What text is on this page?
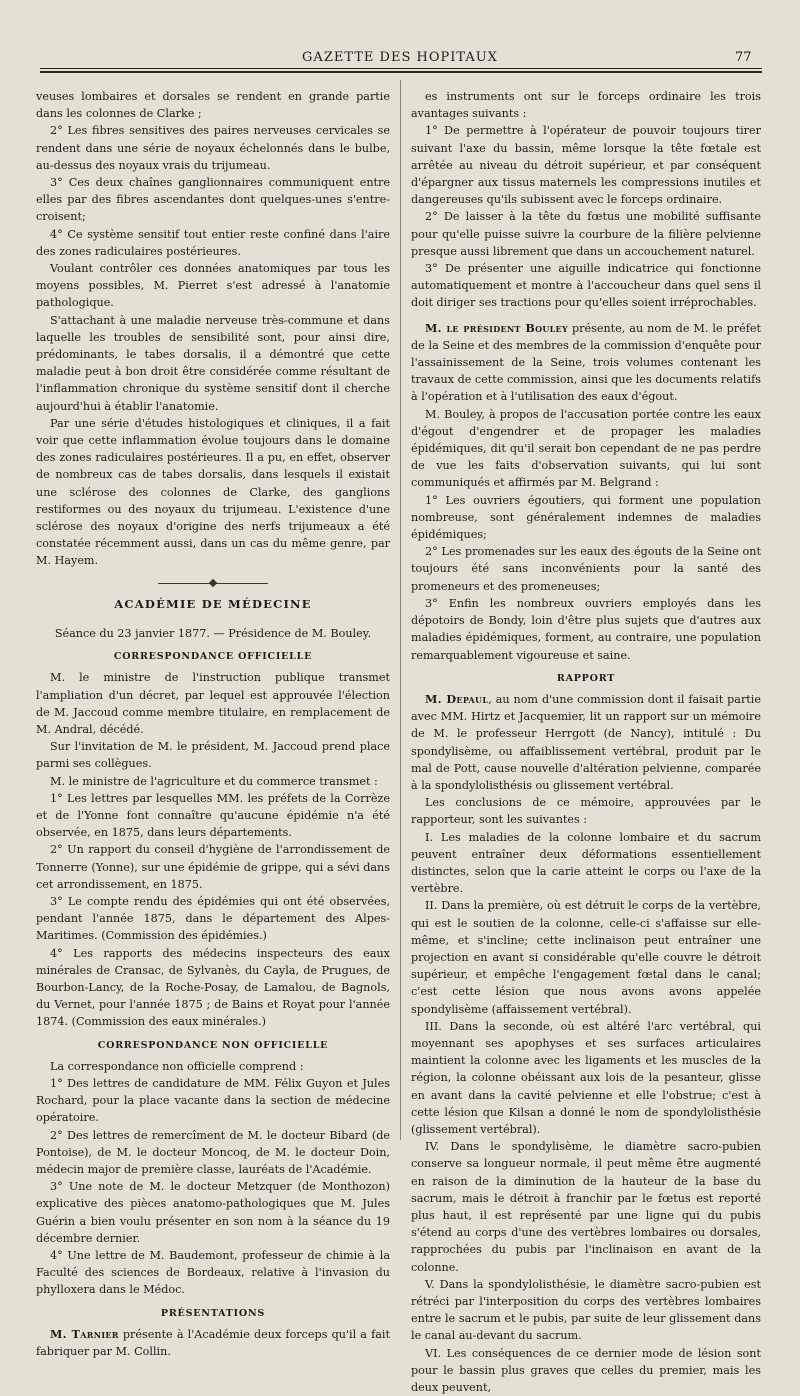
GAZETTE DES HOPITAUX	77

veuses lombaires et dorsales se rendent en grande partie dans les colonnes de Clarke ;

2° Les fibres sensitives des paires nerveuses cervicales se rendent dans une série de noyaux échelonnés dans le bulbe, au-dessus des noyaux vrais du trijumeau.

3° Ces deux chaînes ganglionnaires communiquent entre elles par des fibres ascendantes dont quelques-unes s'entre-croisent;

4° Ce système sensitif tout entier reste confiné dans l'aire des zones radiculaires postérieures.

Voulant contrôler ces données anatomiques par tous les moyens possibles, M. Pierret s'est adressé à l'anatomie pathologique.

S'attachant à une maladie nerveuse très-commune et dans laquelle les troubles de sensibilité sont, pour ainsi dire, prédominants, le tabes dorsalis, il a démontré que cette maladie peut à bon droit être considérée comme résultant de l'inflammation chronique du système sensitif dont il cherche aujourd'hui à établir l'anatomie.

Par une série d'études histologiques et cliniques, il a fait voir que cette inflammation évolue toujours dans le domaine des zones radiculaires postérieures. Il a pu, en effet, observer de nombreux cas de tabes dorsalis, dans lesquels il existait une sclérose des colonnes de Clarke, des ganglions restiformes ou des noyaux du trijumeau. L'existence d'une sclérose des noyaux d'origine des nerfs trijumeaux a été constatée récemment aussi, dans un cas du même genre, par M. Hayem.

ACADÉMIE DE MÉDECINE

Séance du 23 janvier 1877. — Présidence de M. Bouley.

CORRESPONDANCE OFFICIELLE

M. le ministre de l'instruction publique transmet l'ampliation d'un décret, par lequel est approuvée l'élection de M. Jaccoud comme membre titulaire, en remplacement de M. Andral, décédé.

Sur l'invitation de M. le président, M. Jaccoud prend place parmi ses collègues.

M. le ministre de l'agriculture et du commerce transmet :

1° Les lettres par lesquelles MM. les préfets de la Corrèze et de l'Yonne font connaître qu'aucune épidémie n'a été observée, en 1875, dans leurs départements.

2° Un rapport du conseil d'hygiène de l'arrondissement de Tonnerre (Yonne), sur une épidémie de grippe, qui a sévi dans cet arrondissement, en 1875.

3° Le compte rendu des épidémies qui ont été observées, pendant l'année 1875, dans le département des Alpes-Maritimes. (Commission des épidémies.)

4° Les rapports des médecins inspecteurs des eaux minérales de Cransac, de Sylvanès, du Cayla, de Prugues, de Bourbon-Lancy, de la Roche-Posay, de Lamalou, de Bagnols, du Vernet, pour l'année 1875 ; de Bains et Royat pour l'année 1874. (Commission des eaux minérales.)

CORRESPONDANCE NON OFFICIELLE

La correspondance non officielle comprend :

1° Des lettres de candidature de MM. Félix Guyon et Jules Rochard, pour la place vacante dans la section de médecine opératoire.

2° Des lettres de remercîment de M. le docteur Bibard (de Pontoise), de M. le docteur Moncoq, de M. le docteur Doin, médecin major de première classe, lauréats de l'Académie.

3° Une note de M. le docteur Metzquer (de Monthozon) explicative des pièces anatomo-pathologiques que M. Jules Guérin a bien voulu présenter en son nom à la séance du 19 décembre dernier.

4° Une lettre de M. Baudemont, professeur de chimie à la Faculté des sciences de Bordeaux, relative à l'invasion du phylloxera dans le Médoc.

PRÉSENTATIONS

M. Tarnier présente à l'Académie deux forceps qu'il a fait fabriquer par M. Collin.

es instruments ont sur le forceps ordinaire les trois avantages suivants :

1° De permettre à l'opérateur de pouvoir toujours tirer suivant l'axe du bassin, même lorsque la tête fœtale est arrêtée au niveau du détroit supérieur, et par conséquent d'épargner aux tissus maternels les compressions inutiles et dangereuses qu'ils subissent avec le forceps ordinaire.

2° De laisser à la tête du fœtus une mobilité suffisante pour qu'elle puisse suivre la courbure de la filière pelvienne presque aussi librement que dans un accouchement naturel.

3° De présenter une aiguille indicatrice qui fonctionne automatiquement et montre à l'accoucheur dans quel sens il doit diriger ses tractions pour qu'elles soient irréprochables.

M. le président Bouley présente, au nom de M. le préfet de la Seine et des membres de la commission d'enquête pour l'assainissement de la Seine, trois volumes contenant les travaux de cette commission, ainsi que les documents relatifs à l'opération et à l'utilisation des eaux d'égout.

M. Bouley, à propos de l'accusation portée contre les eaux d'égout d'engendrer et de propager les maladies épidémiques, dit qu'il serait bon cependant de ne pas perdre de vue les faits d'observation suivants, qui lui sont communiqués et affirmés par M. Belgrand :

1° Les ouvriers égoutiers, qui forment une population nombreuse, sont généralement indemnes de maladies épidémiques;

2° Les promenades sur les eaux des égouts de la Seine ont toujours été sans inconvénients pour la santé des promeneurs et des promeneuses;

3° Enfin les nombreux ouvriers employés dans les dépotoirs de Bondy, loin d'être plus sujets que d'autres aux maladies épidémiques, forment, au contraire, une population remarquablement vigoureuse et saine.

RAPPORT

M. Depaul, au nom d'une commission dont il faisait partie avec MM. Hirtz et Jacquemier, lit un rapport sur un mémoire de M. le professeur Herrgott (de Nancy), intitulé : Du spondylisème, ou affaiblissement vertébral, produit par le mal de Pott, cause nouvelle d'altération pelvienne, comparée à la spondylolisthésis ou glissement vertébral.

Les conclusions de ce mémoire, approuvées par le rapporteur, sont les suivantes :

I. Les maladies de la colonne lombaire et du sacrum peuvent entraîner deux déformations essentiellement distinctes, selon que la carie atteint le corps ou l'axe de la vertèbre.

II. Dans la première, où est détruit le corps de la vertèbre, qui est le soutien de la colonne, celle-ci s'affaisse sur elle-même, et s'incline; cette inclinaison peut entraîner une projection en avant si considérable qu'elle couvre le détroit supérieur, et empêche l'engagement fœtal dans le canal; c'est cette lésion que nous avons avons appelée spondylisème (affaissement vertébral).

III. Dans la seconde, où est altéré l'arc vertébral, qui moyennant ses apophyses et ses surfaces articulaires maintient la colonne avec les ligaments et les muscles de la région, la colonne obéissant aux lois de la pesanteur, glisse en avant dans la cavité pelvienne et elle l'obstrue; c'est à cette lésion que Kilsan a donné le nom de spondylolisthésie (glissement vertébral).

IV. Dans le spondylisème, le diamètre sacro-pubien conserve sa longueur normale, il peut même être augmenté en raison de la diminution de la hauteur de la base du sacrum, mais le détroit à franchir par le fœtus est reporté plus haut, il est représenté par une ligne qui du pubis s'étend au corps d'une des vertèbres lombaires ou dorsales, rapprochées du pubis par l'inclinaison en avant de la colonne.

V. Dans la spondylolisthésie, le diamètre sacro-pubien est rétréci par l'interposition du corps des vertèbres lombaires entre le sacrum et le pubis, par suite de leur glissement dans le canal au-devant du sacrum.

VI. Les conséquences de ce dernier mode de lésion sont pour le bassin plus graves que celles du premier, mais les deux peuvent,
